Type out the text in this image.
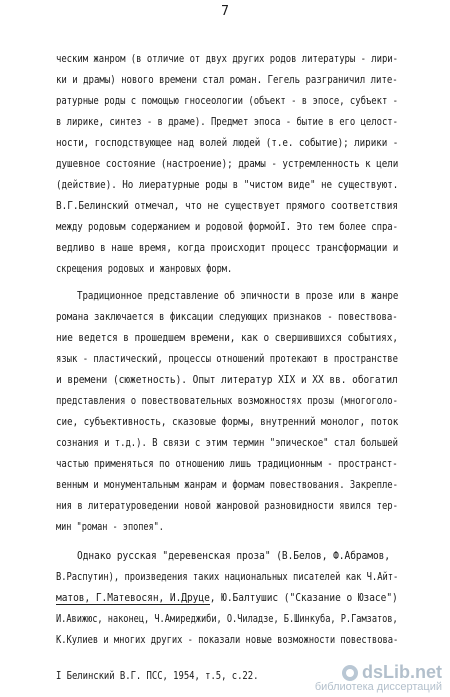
7
ческим жанром (в отличие от двух других родов литературы - лири-
ки и драмы) нового времени стал роман. Гегель разграничил лите-
ратурные роды с помощью гносеологии (объект - в эпосе, субъект -
в лирике, синтез - в драме). Предмет эпоса - бытие в его целост-
ности, господствующее над волей людей (т.е. событие); лирики -
душевное состояние (настроение); драмы - устремленность к цели
(действие). Но лиературные роды в "чистом виде" не существуют.
В.Г.Белинский отмечал, что не существует прямого соответствия
между родовым содержанием и родовой формойI. Это тем более спра-
ведливо в наше время, когда происходит процесс трансформации и
скрещения родовых и жанровых форм.
Традиционное представление об эпичности в прозе или в жанре
романа заключается в фиксации следующих признаков - повествова-
ние ведется в прошедшем времени, как о свершившихся событиях,
язык - пластический, процессы отношений протекают в пространстве
и времени (сюжетность). Опыт литератур XIX и XX вв. обогатил
представления о повествовательных возможностях прозы (многоголо-
сие, субъективность, сказовые формы, внутренний монолог, поток
сознания и т.д.). В связи с этим термин "эпическое" стал большей
частью применяться по отношению лишь традиционным - пространст-
венным и монументальным жанрам и формам повествования. Закрепле-
ния в литературоведении новой жанровой разновидности явился тер-
мин "роман - эпопея".
Однако русская "деревенская проза" (В.Белов, Ф.Абрамов,
В.Распутин), произведения таких национальных писателей как Ч.Айт-
матов, Г.Матевосян, И.Друце, Ю.Балтушис ("Сказание о Юзасе")
И.Авижюс, наконец, Ч.Амиреджиби, О.Чиладзе, Б.Шинкуба, Р.Гамзатов,
К.Кулиев и многих других - показали новые возможности повествова-
I Белинский В.Г. ПСС, 1954, т.5, с.22.	dsLib.net
библиотека диссертаций
